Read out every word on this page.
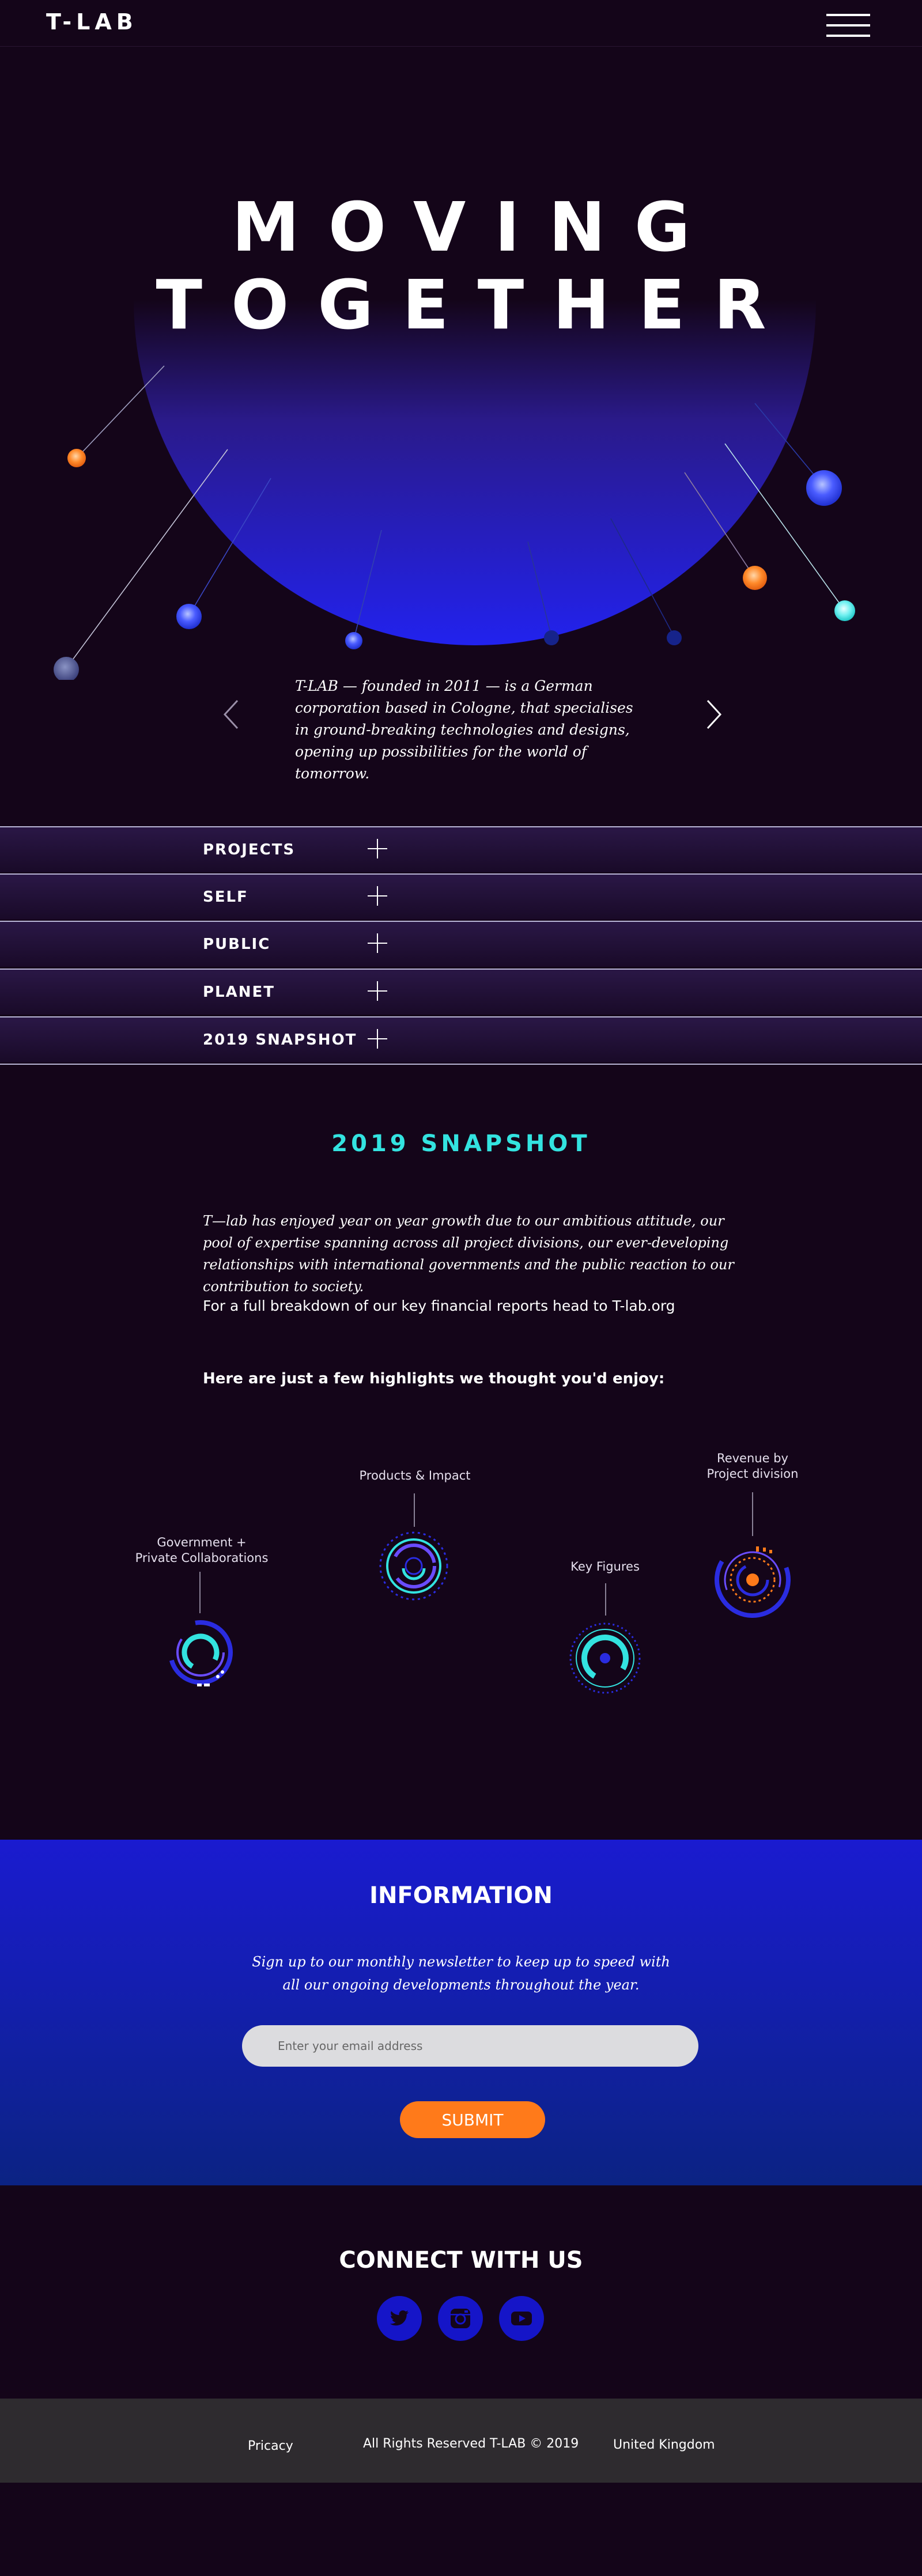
T-LAB
MOVING
TOGETHER
T-LAB — founded in 2011 — is a German corporation based in Cologne, that specialises in ground-breaking technologies and designs, opening up possibilities for the world of tomorrow.
PROJECTS
SELF
PUBLIC
PLANET
2019 SNAPSHOT
2019 SNAPSHOT
T—lab has enjoyed year on year growth due to our ambitious attitude, our pool of expertise spanning across all project divisions, our ever-developing relationships with international governments and the public reaction to our contribution to society.
For a full breakdown of our key financial reports head to T-lab.org
Here are just a few highlights we thought you'd enjoy:
Government +
Private Collaborations
Products & Impact
Key Figures
Revenue by
Project division
INFORMATION
Sign up to our monthly newsletter to keep up to speed with all our ongoing developments throughout the year.
Enter your email address
SUBMIT
CONNECT WITH US
Pricacy	All Rights Reserved T-LAB © 2019	United Kingdom
